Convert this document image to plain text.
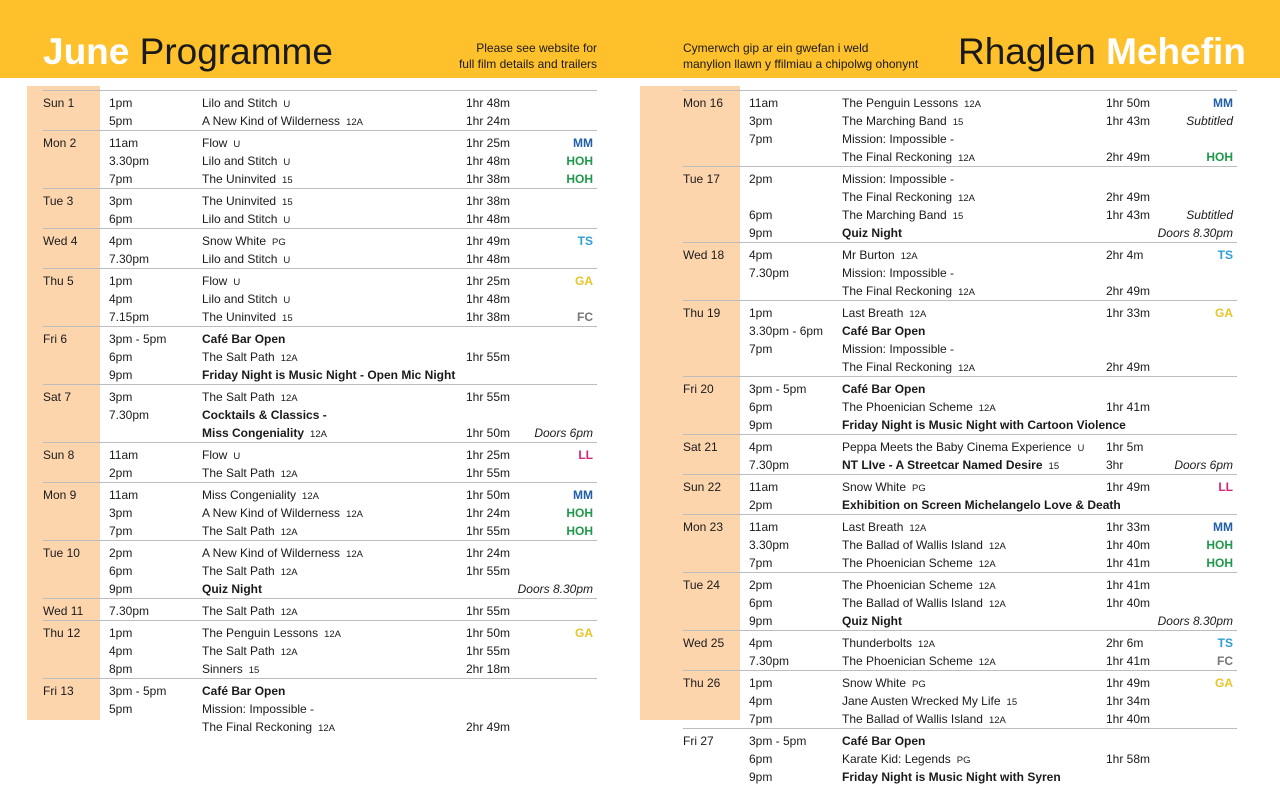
June Programme	Please see website for
full film details and trailers
Cymerwch gip ar ein gwefan i weld
manylion llawn y ffilmiau a chipolwg ohonynt Rhaglen Mehefin
Sun 1	1pm	Lilo and Stitch U	1hr 48m
5pm	A New Kind of Wilderness 12A	1hr 24m
Mon 2	11am	Flow U	1hr 25m	MM
3.30pm	Lilo and Stitch U	1hr 48m	HOH
7pm	The Uninvited 15	1hr 38m	HOH
Tue 3	3pm	The Uninvited 15	1hr 38m
6pm	Lilo and Stitch U	1hr 48m
Wed 4	4pm	Snow White PG	1hr 49m	TS
7.30pm	Lilo and Stitch U	1hr 48m
Thu 5	1pm	Flow U	1hr 25m	GA
4pm	Lilo and Stitch U	1hr 48m
7.15pm	The Uninvited 15	1hr 38m	FC
Fri 6	3pm - 5pm	Café Bar Open
6pm	The Salt Path 12A	1hr 55m
9pm	Friday Night is Music Night - Open Mic Night
Sat 7	3pm	The Salt Path 12A	1hr 55m
7.30pm	Cocktails & Classics -
Miss Congeniality 12A	1hr 50m Doors 6pm
Sun 8	11am	Flow U	1hr 25m	LL
2pm	The Salt Path 12A	1hr 55m
Mon 9	11am	Miss Congeniality 12A	1hr 50m	MM
3pm	A New Kind of Wilderness 12A	1hr 24m	HOH
7pm	The Salt Path 12A	1hr 55m	HOH
Tue 10 2pm	A New Kind of Wilderness 12A	1hr 24m
6pm	The Salt Path 12A	1hr 55m
9pm	Quiz Night	Doors 8.30pm
Wed 11 7.30pm	The Salt Path 12A	1hr 55m
Thu 12 1pm	The Penguin Lessons 12A	1hr 50m	GA
4pm	The Salt Path 12A	1hr 55m
8pm	Sinners 15	2hr 18m
Fri 13	3pm - 5pm	Café Bar Open
5pm	Mission: Impossible -
The Final Reckoning 12A	2hr 49m
Mon 16 11am	The Penguin Lessons 12A	1hr 50m	MM
3pm	The Marching Band 15	1hr 43m	Subtitled
7pm	Mission: Impossible -
The Final Reckoning 12A	2hr 49m	HOH
Tue 17 2pm	Mission: Impossible -
The Final Reckoning 12A	2hr 49m
6pm	The Marching Band 15	1hr 43m	Subtitled
9pm	Quiz Night	Doors 8.30pm
Wed 18 4pm	Mr Burton 12A	2hr 4m	TS
7.30pm	Mission: Impossible -
The Final Reckoning 12A	2hr 49m
Thu 19 1pm	Last Breath 12A	1hr 33m	GA
3.30pm - 6pm Café Bar Open
7pm	Mission: Impossible -
The Final Reckoning 12A	2hr 49m
Fri 20	3pm - 5pm	Café Bar Open
6pm	The Phoenician Scheme 12A	1hr 41m
9pm	Friday Night is Music Night with Cartoon Violence
Sat 21	4pm	Peppa Meets the Baby Cinema Experience U 1hr 5m
7.30pm	NT LIve - A Streetcar Named Desire 15	3hr	Doors 6pm
Sun 22 11am	Snow White PG	1hr 49m	LL
2pm	Exhibition on Screen Michelangelo Love & Death
Mon 23 11am	Last Breath 12A	1hr 33m	MM
3.30pm	The Ballad of Wallis Island 12A	1hr 40m	HOH
7pm	The Phoenician Scheme 12A	1hr 41m	HOH
Tue 24 2pm	The Phoenician Scheme 12A	1hr 41m
6pm	The Ballad of Wallis Island 12A	1hr 40m
9pm	Quiz Night	Doors 8.30pm
Wed 25 4pm	Thunderbolts 12A	2hr 6m	TS
7.30pm	The Phoenician Scheme 12A	1hr 41m	FC
Thu 26 1pm	Snow White PG	1hr 49m	GA
4pm	Jane Austen Wrecked My Life 15	1hr 34m
7pm	The Ballad of Wallis Island 12A	1hr 40m
Fri 27	3pm - 5pm	Café Bar Open
6pm	Karate Kid: Legends PG	1hr 58m
9pm	Friday Night is Music Night with Syren
